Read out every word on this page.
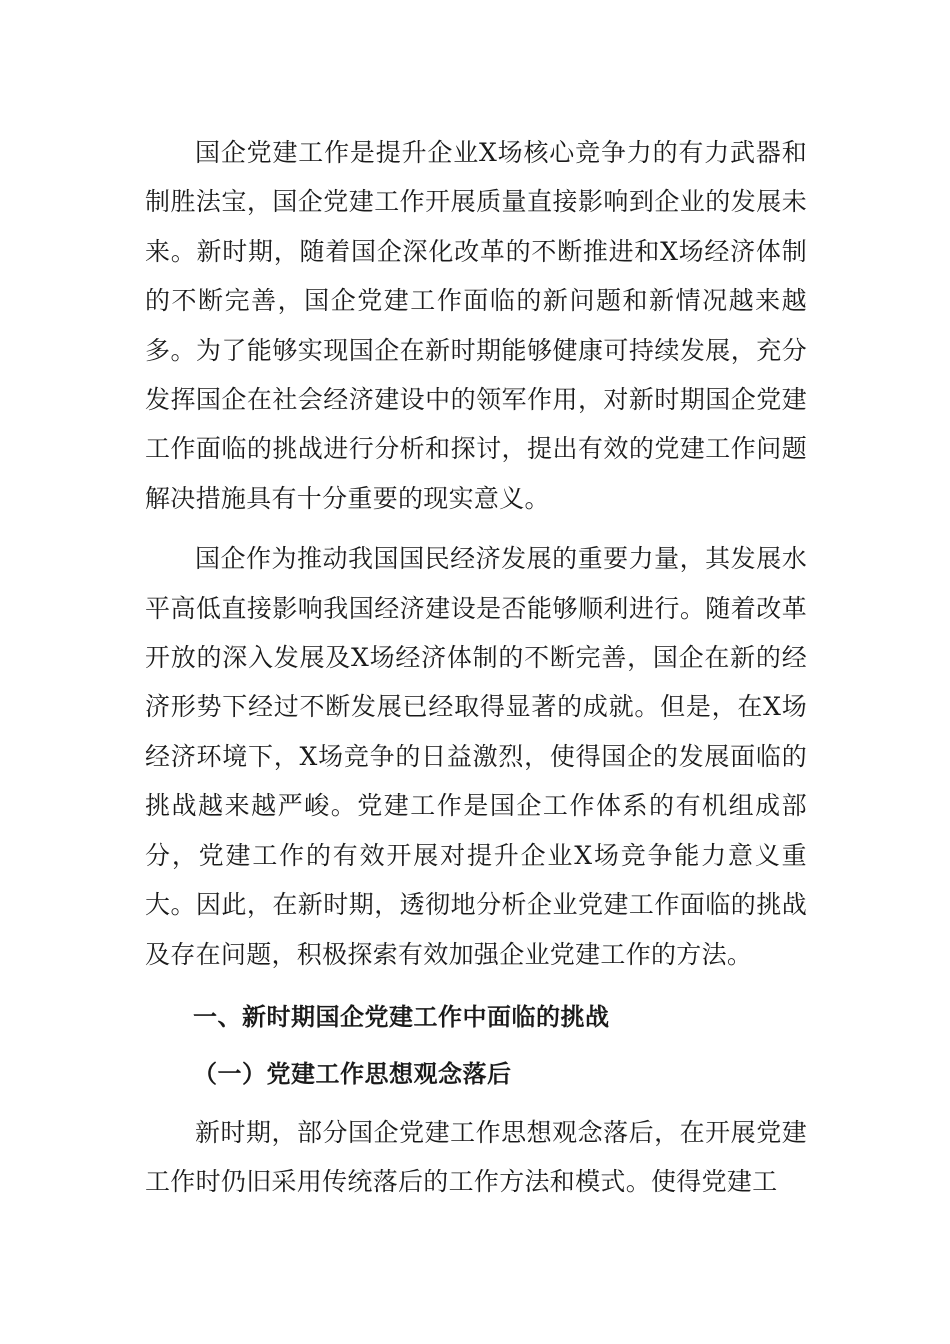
国企党建工作是提升企业X场核心竞争力的有力武器和制胜法宝，国企党建工作开展质量直接影响到企业的发展未来。新时期，随着国企深化改革的不断推进和X场经济体制的不断完善，国企党建工作面临的新问题和新情况越来越多。为了能够实现国企在新时期能够健康可持续发展，充分发挥国企在社会经济建设中的领军作用，对新时期国企党建工作面临的挑战进行分析和探讨，提出有效的党建工作问题解决措施具有十分重要的现实意义。

国企作为推动我国国民经济发展的重要力量，其发展水平高低直接影响我国经济建设是否能够顺利进行。随着改革开放的深入发展及X场经济体制的不断完善，国企在新的经济形势下经过不断发展已经取得显著的成就。但是，在X场经济环境下，X场竞争的日益激烈，使得国企的发展面临的挑战越来越严峻。党建工作是国企工作体系的有机组成部分，党建工作的有效开展对提升企业X场竞争能力意义重大。因此，在新时期，透彻地分析企业党建工作面临的挑战及存在问题，积极探索有效加强企业党建工作的方法。

一、新时期国企党建工作中面临的挑战

（一）党建工作思想观念落后

新时期，部分国企党建工作思想观念落后，在开展党建工作时仍旧采用传统落后的工作方法和模式。使得党建工
